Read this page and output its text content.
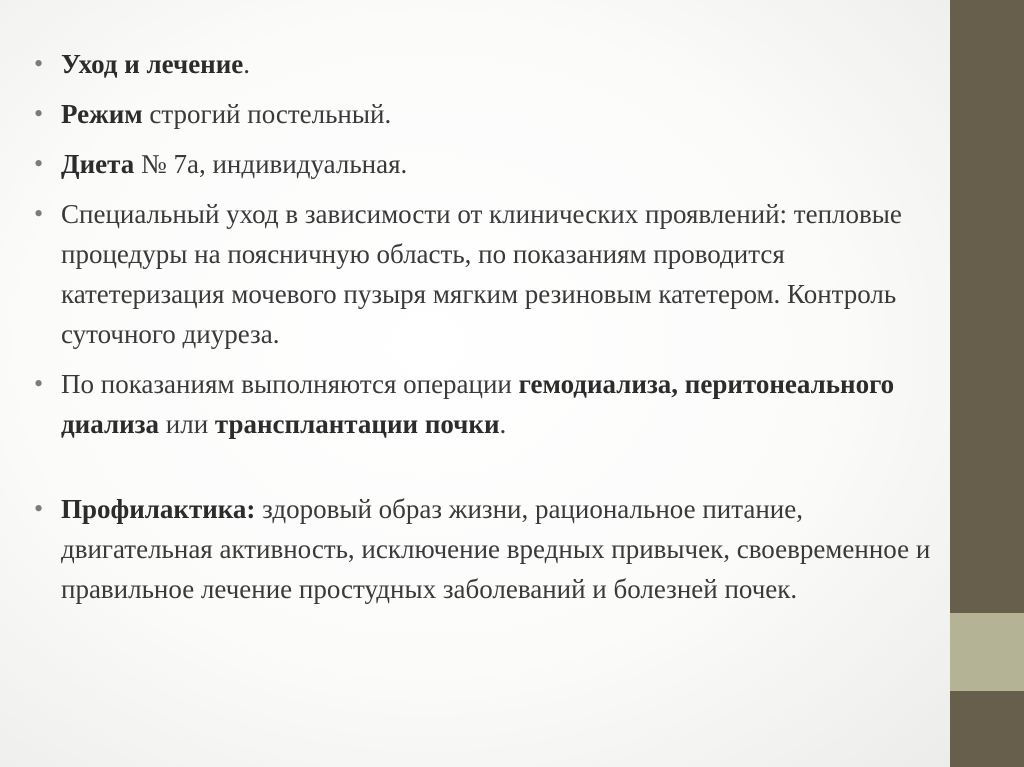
• Уход и лечение.
• Режим строгий постельный.
• Диета № 7а, индивидуальная.
• Специальный уход в зависимости от клинических проявлений: тепловые процедуры на поясничную область, по показаниям проводится катетеризация мочевого пузыря мягким резиновым катетером. Контроль суточного диуреза.
• По показаниям выполняются операции гемодиализа, перитонеального диализа или трансплантации почки.
• Профилактика: здоровый образ жизни, рациональное питание, двигательная активность, исключение вредных привычек, своевременное и правильное лечение простудных заболеваний и болезней почек.
